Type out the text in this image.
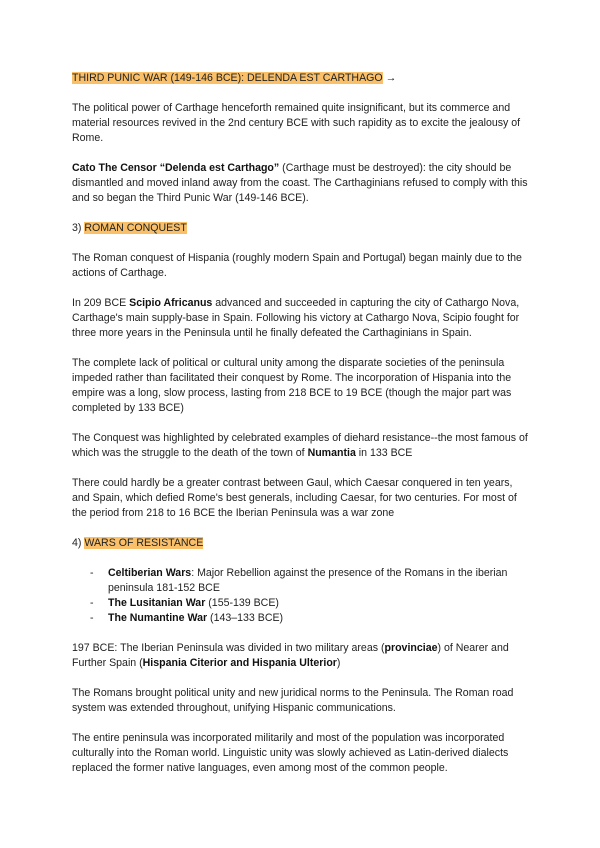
THIRD PUNIC WAR (149-146 BCE): DELENDA EST CARTHAGO →

The political power of Carthage henceforth remained quite insignificant, but its commerce and material resources revived in the 2nd century BCE with such rapidity as to excite the jealousy of Rome.

Cato The Censor “Delenda est Carthago” (Carthage must be destroyed): the city should be dismantled and moved inland away from the coast. The Carthaginians refused to comply with this and so began the Third Punic War (149-146 BCE).

3) ROMAN CONQUEST

The Roman conquest of Hispania (roughly modern Spain and Portugal) began mainly due to the actions of Carthage.

In 209 BCE Scipio Africanus advanced and succeeded in capturing the city of Cathargo Nova, Carthage's main supply-base in Spain. Following his victory at Cathargo Nova, Scipio fought for three more years in the Peninsula until he finally defeated the Carthaginians in Spain.

The complete lack of political or cultural unity among the disparate societies of the peninsula impeded rather than facilitated their conquest by Rome. The incorporation of Hispania into the empire was a long, slow process, lasting from 218 BCE to 19 BCE (though the major part was completed by 133 BCE)

The Conquest was highlighted by celebrated examples of diehard resistance--the most famous of which was the struggle to the death of the town of Numantia in 133 BCE

There could hardly be a greater contrast between Gaul, which Caesar conquered in ten years, and Spain, which defied Rome's best generals, including Caesar, for two centuries. For most of the period from 218 to 16 BCE the Iberian Peninsula was a war zone

4) WARS OF RESISTANCE

- Celtiberian Wars: Major Rebellion against the presence of the Romans in the iberian peninsula 181-152 BCE
- The Lusitanian War (155-139 BCE)
- The Numantine War (143–133 BCE)

197 BCE: The Iberian Peninsula was divided in two military areas (provinciae) of Nearer and Further Spain (Hispania Citerior and Hispania Ulterior)

The Romans brought political unity and new juridical norms to the Peninsula. The Roman road system was extended throughout, unifying Hispanic communications.

The entire peninsula was incorporated militarily and most of the population was incorporated culturally into the Roman world. Linguistic unity was slowly achieved as Latin-derived dialects replaced the former native languages, even among most of the common people.
